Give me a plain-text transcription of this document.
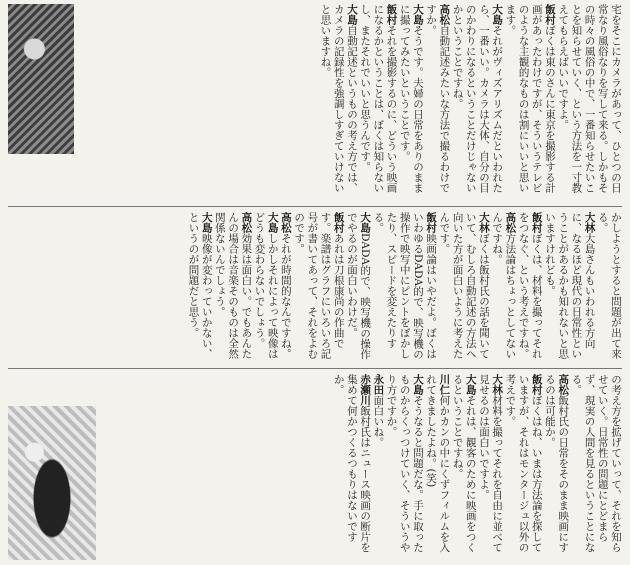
宅をそこにカメラがあって、ひとつの日常なり風俗なりを写して来る。しかもその時々の風俗の中で、一番知らせたいことを知らせていく、という方法を一寸教えてもらえばいいですよ。

飯村ぼくは東のさんに東京を撮影する計画があったわけですが、そういうテレビのような主観的なものは割にいいと思います。

大島それがヴィズアリズムだといわれたら、一番いい。カメラは大体、自分の目のかわりになるということだけじゃないかということですね。

高松自動記述みたいな方法で撮るわけですか。

大島そうです。夫婦の日常をありのままに撮ってみたいということです。

飯村それを撮影するのに、どういう映画になるかということは、ぼくは知らないし、またそれでいいと思うんです。

大島自動記述というものの考え方では、カメラの記録性を強調しすぎていけないと思いますね。

かしようとすると問題が出て来る。

大林大島さんもいわれる方向に、なるほど現代の日常性ということがあるかも知れないと思いますけれども。

飯村ぼくは、材料を撮ってそれをつなぐ、という考えですね。

高松方法論はちょっとしてないんですね。

大林ぼくは飯村氏の話を聞いていて、むしろ自動記述の方法へ向いた方が面白いように考えたんです。

飯村映画論はいやだよ。ぼくはいわゆるDADA的で、映写機の操作で映写中にピントをぼかしたり、スピードを変えたりする。

大島DADA的で、映写機の操作でやるのが面白いわけだ。

飯村あれは刀根康尚の作曲です。楽譜はグラフにいろいろ記号が書いてあって、それをよむのです。

高松それが時間的なんですね。

大島しかしそれによって映像はどうも変わらないでしょう。

高松効果は面白い。でもあんたんの場合は音楽そのものは全然関係ないんでしょう。

大島映像が変わっていかない、というのが問題だと思う。

の考え方を拡げていって、それを知らせていく。日常性の問題にとどまらず、現実の人間を見るということになる。

高松飯村氏の日常をそのまま映画にするのは可能か。

飯村ぼくはね、いまは方法論を探していますが、それはモンタージュ以外の考えです。

大林材料を撮ってそれを自由に並べて見せるのは面白いですよ。

大島それは、観客のために映画をつくるということですね。

川仁何かカンの中にくずフィルムを入れてきましたよね。(笑)

大島そうなると問題だな。手に取ったものからくっつけていく、そういうやり方ですか。

永田面白いね。

赤瀬川飯村氏はニュース映画の断片を集めて何かつくるつもりはないですか。
